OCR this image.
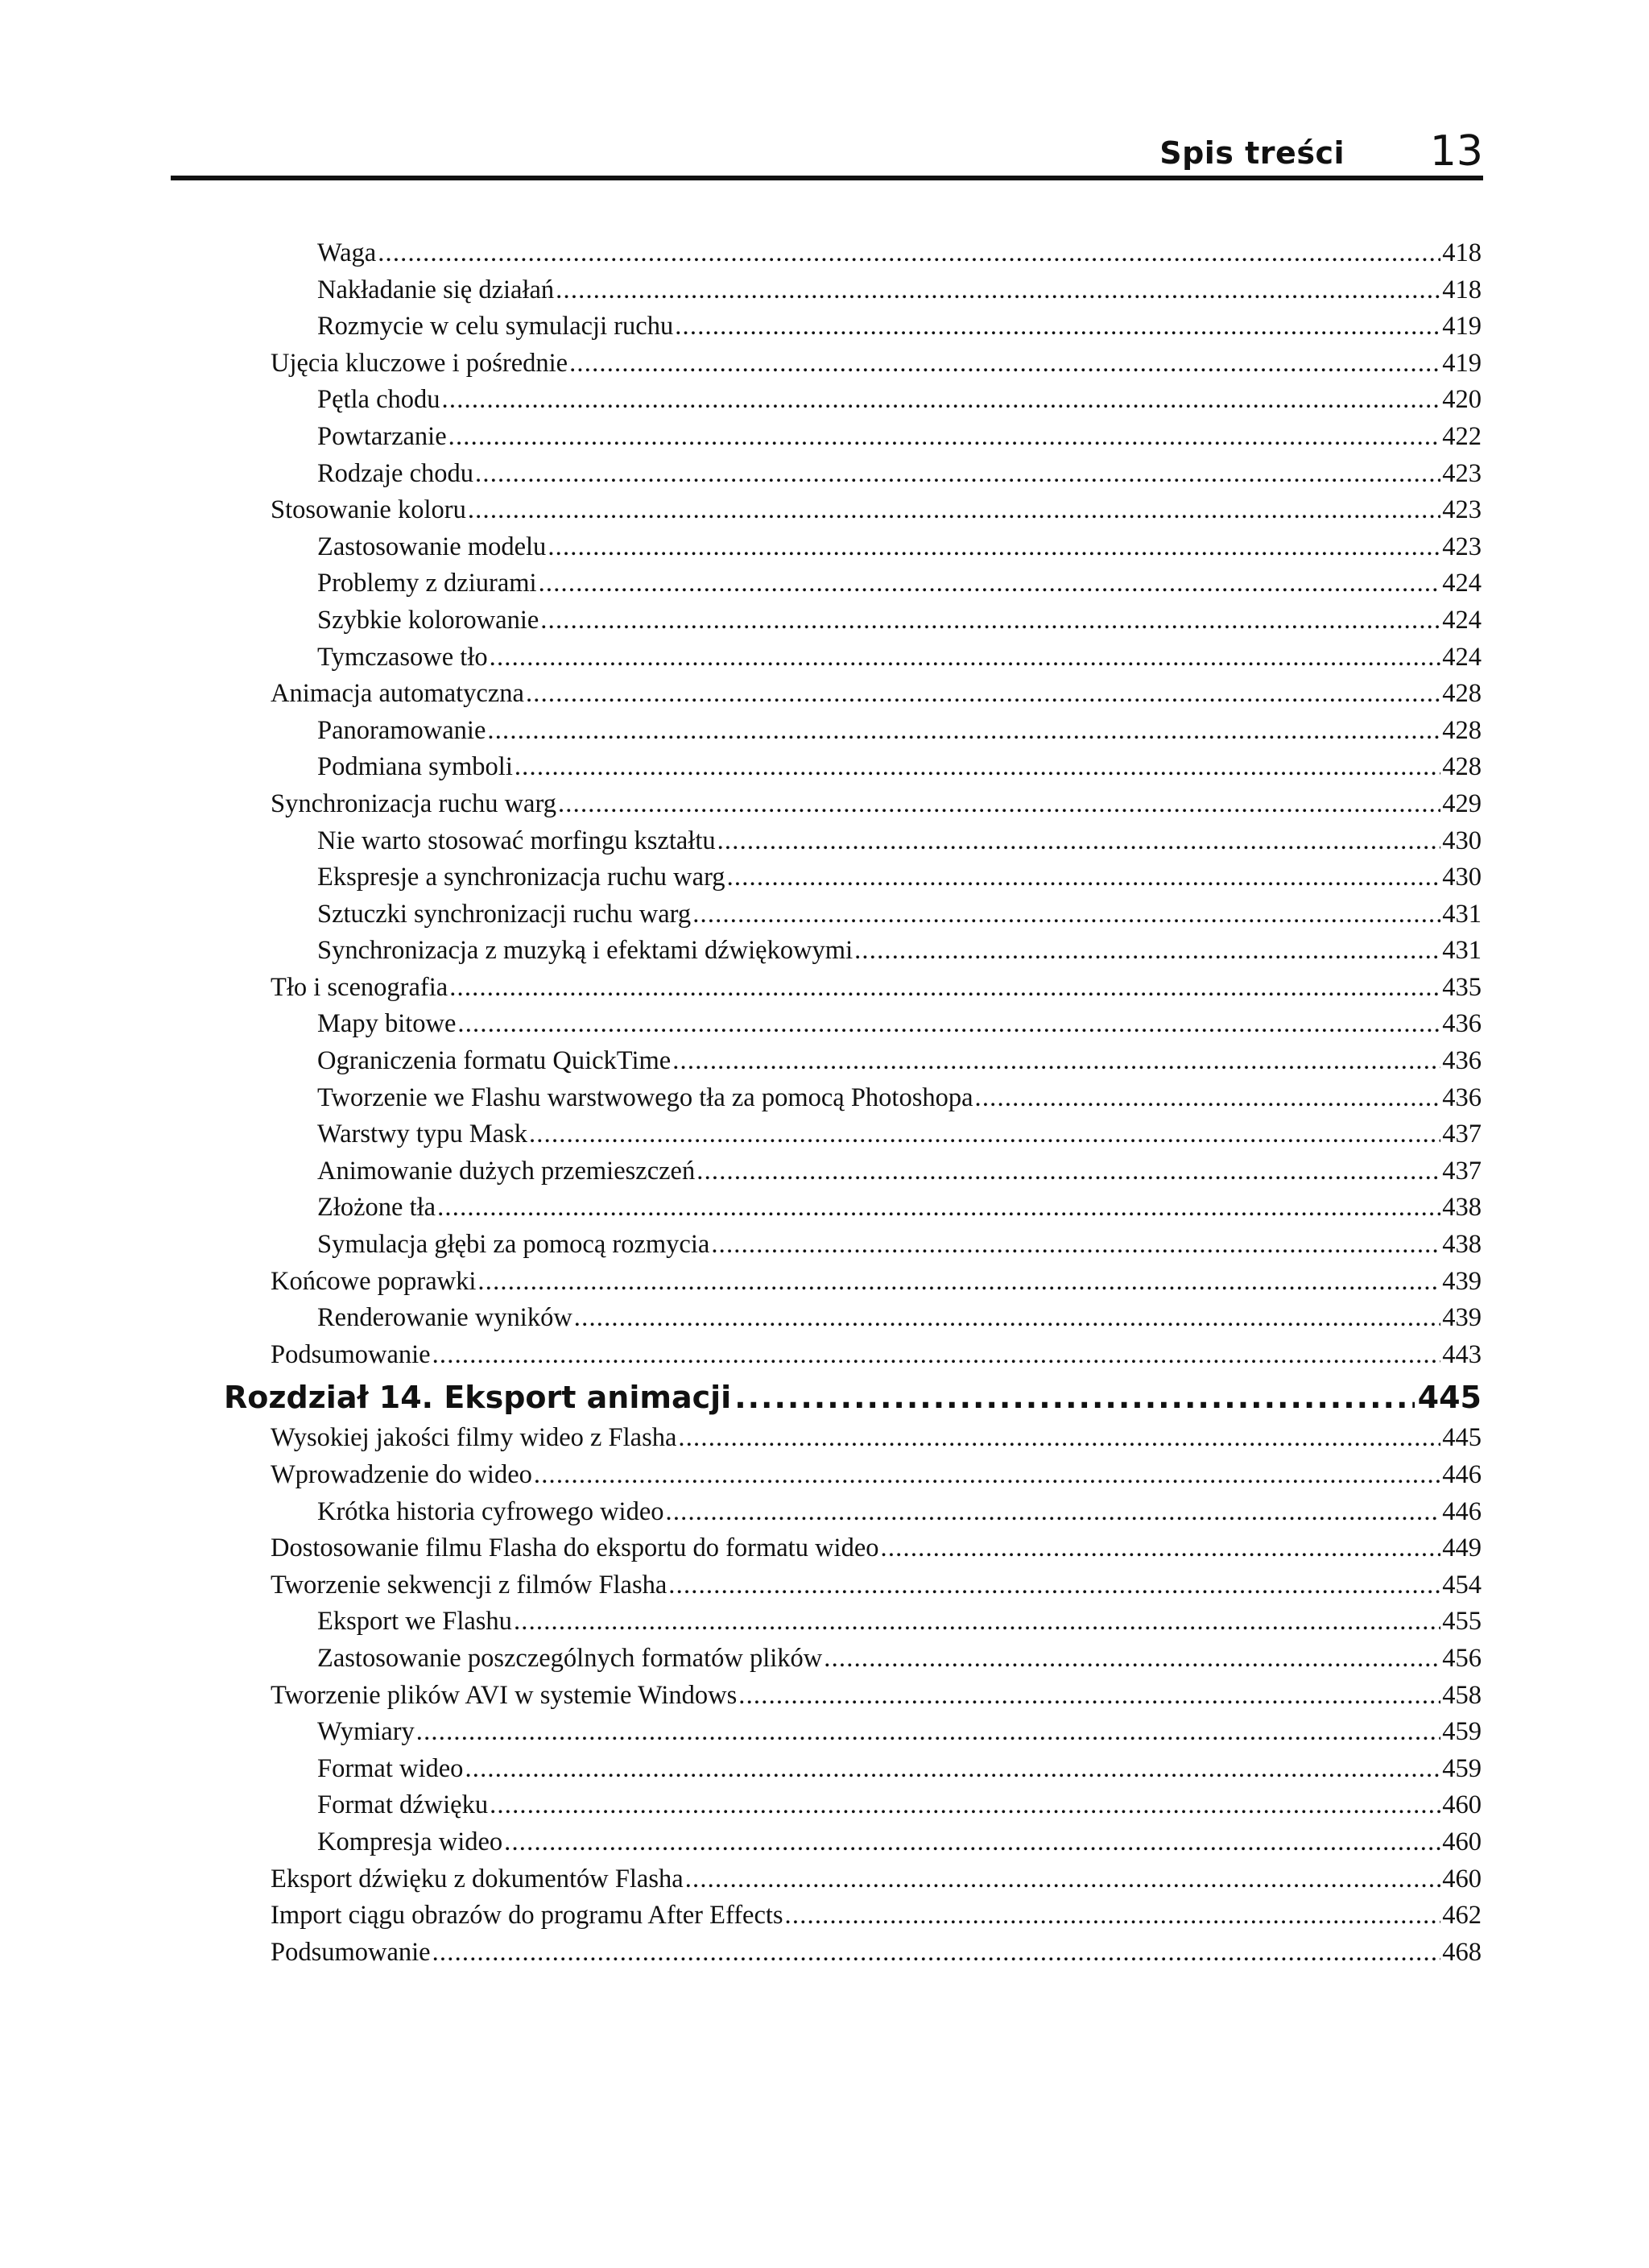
Spis treści 13
Waga .....	418
Nakładanie się działań .....	418
Rozmycie w celu symulacji ruchu .....	419
Ujęcia kluczowe i pośrednie .....	419
Pętla chodu .....	420
Powtarzanie .....	422
Rodzaje chodu .....	423
Stosowanie koloru .....	423
Zastosowanie modelu .....	423
Problemy z dziurami .....	424
Szybkie kolorowanie .....	424
Tymczasowe tło .....	424
Animacja automatyczna .....	428
Panoramowanie .....	428
Podmiana symboli .....	428
Synchronizacja ruchu warg .....	429
Nie warto stosować morfingu kształtu .....	430
Ekspresje a synchronizacja ruchu warg .....	430
Sztuczki synchronizacji ruchu warg .....	431
Synchronizacja z muzyką i efektami dźwiękowymi .....	431
Tło i scenografia .....	435
Mapy bitowe .....	436
Ograniczenia formatu QuickTime .....	436
Tworzenie we Flashu warstwowego tła za pomocą Photoshopa .....	436
Warstwy typu Mask .....	437
Animowanie dużych przemieszczeń .....	437
Złożone tła .....	438
Symulacja głębi za pomocą rozmycia .....	438
Końcowe poprawki .....	439
Renderowanie wyników .....	439
Podsumowanie .....	443
Rozdział 14. Eksport animacji .....	445
Wysokiej jakości filmy wideo z Flasha .....	445
Wprowadzenie do wideo .....	446
Krótka historia cyfrowego wideo .....	446
Dostosowanie filmu Flasha do eksportu do formatu wideo .....	449
Tworzenie sekwencji z filmów Flasha .....	454
Eksport we Flashu .....	455
Zastosowanie poszczególnych formatów plików .....	456
Tworzenie plików AVI w systemie Windows .....	458
Wymiary .....	459
Format wideo .....	459
Format dźwięku .....	460
Kompresja wideo .....	460
Eksport dźwięku z dokumentów Flasha .....	460
Import ciągu obrazów do programu After Effects .....	462
Podsumowanie .....	468
